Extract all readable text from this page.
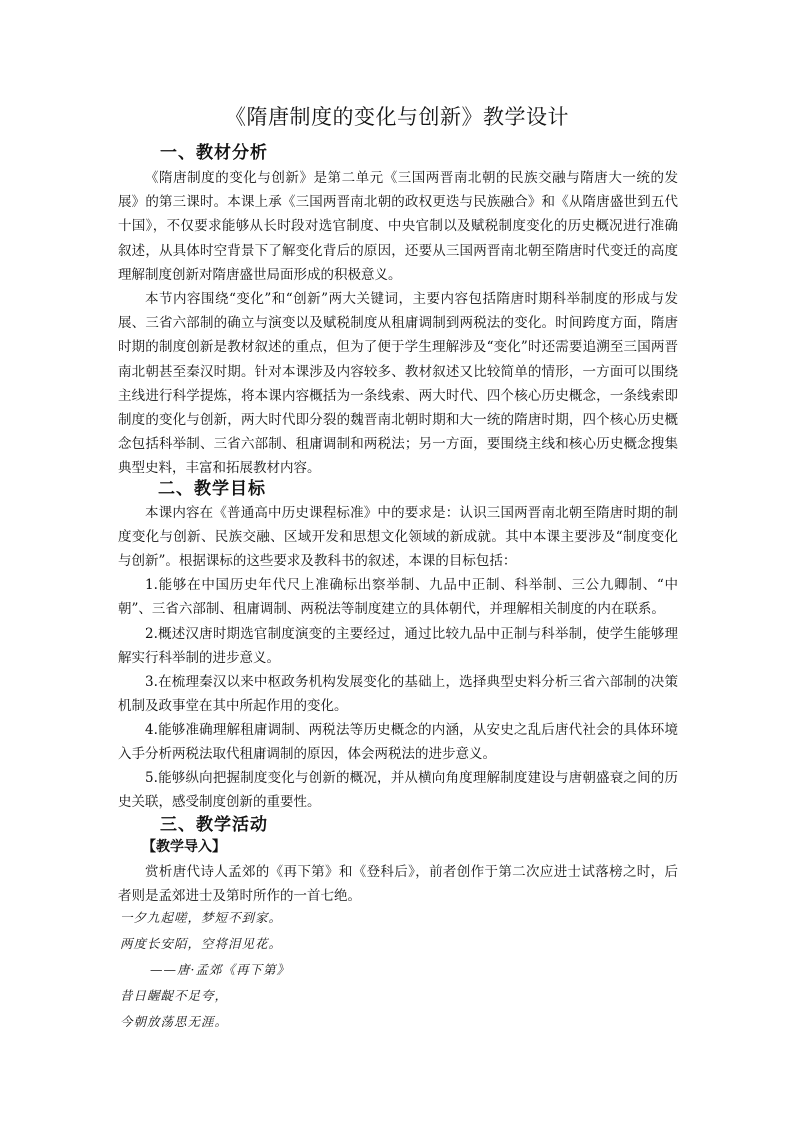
《隋唐制度的变化与创新》教学设计
一、教材分析

《隋唐制度的变化与创新》是第二单元《三国两晋南北朝的民族交融与隋唐大一统的发展》的第三课时。本课上承《三国两晋南北朝的政权更迭与民族融合》和《从隋唐盛世到五代十国》，不仅要求能够从长时段对选官制度、中央官制以及赋税制度变化的历史概况进行准确叙述，从具体时空背景下了解变化背后的原因，还要从三国两晋南北朝至隋唐时代变迁的高度理解制度创新对隋唐盛世局面形成的积极意义。

本节内容围绕“变化”和“创新”两大关键词，主要内容包括隋唐时期科举制度的形成与发展、三省六部制的确立与演变以及赋税制度从租庸调制到两税法的变化。时间跨度方面，隋唐时期的制度创新是教材叙述的重点，但为了便于学生理解涉及“变化”时还需要追溯至三国两晋南北朝甚至秦汉时期。针对本课涉及内容较多、教材叙述又比较简单的情形，一方面可以围绕主线进行科学提炼，将本课内容概括为一条线索、两大时代、四个核心历史概念，一条线索即制度的变化与创新，两大时代即分裂的魏晋南北朝时期和大一统的隋唐时期，四个核心历史概念包括科举制、三省六部制、租庸调制和两税法；另一方面，要围绕主线和核心历史概念搜集典型史料，丰富和拓展教材内容。

二、教学目标

本课内容在《普通高中历史课程标准》中的要求是：认识三国两晋南北朝至隋唐时期的制度变化与创新、民族交融、区域开发和思想文化领域的新成就。其中本课主要涉及“制度变化与创新”。根据课标的这些要求及教科书的叙述，本课的目标包括：

1.能够在中国历史年代尺上准确标出察举制、九品中正制、科举制、三公九卿制、“中朝”、三省六部制、租庸调制、两税法等制度建立的具体朝代，并理解相关制度的内在联系。

2.概述汉唐时期选官制度演变的主要经过，通过比较九品中正制与科举制，使学生能够理解实行科举制的进步意义。

3.在梳理秦汉以来中枢政务机构发展变化的基础上，选择典型史料分析三省六部制的决策机制及政事堂在其中所起作用的变化。

4.能够准确理解租庸调制、两税法等历史概念的内涵，从安史之乱后唐代社会的具体环境入手分析两税法取代租庸调制的原因，体会两税法的进步意义。

5.能够纵向把握制度变化与创新的概况，并从横向角度理解制度建设与唐朝盛衰之间的历史关联，感受制度创新的重要性。

三、教学活动
【教学导入】

赏析唐代诗人孟郊的《再下第》和《登科后》，前者创作于第二次应进士试落榜之时，后者则是孟郊进士及第时所作的一首七绝。

一夕九起嗟，梦短不到家。
两度长安陌，空将泪见花。
——唐·孟郊《再下第》
昔日龌龊不足夸，
今朝放荡思无涯。
